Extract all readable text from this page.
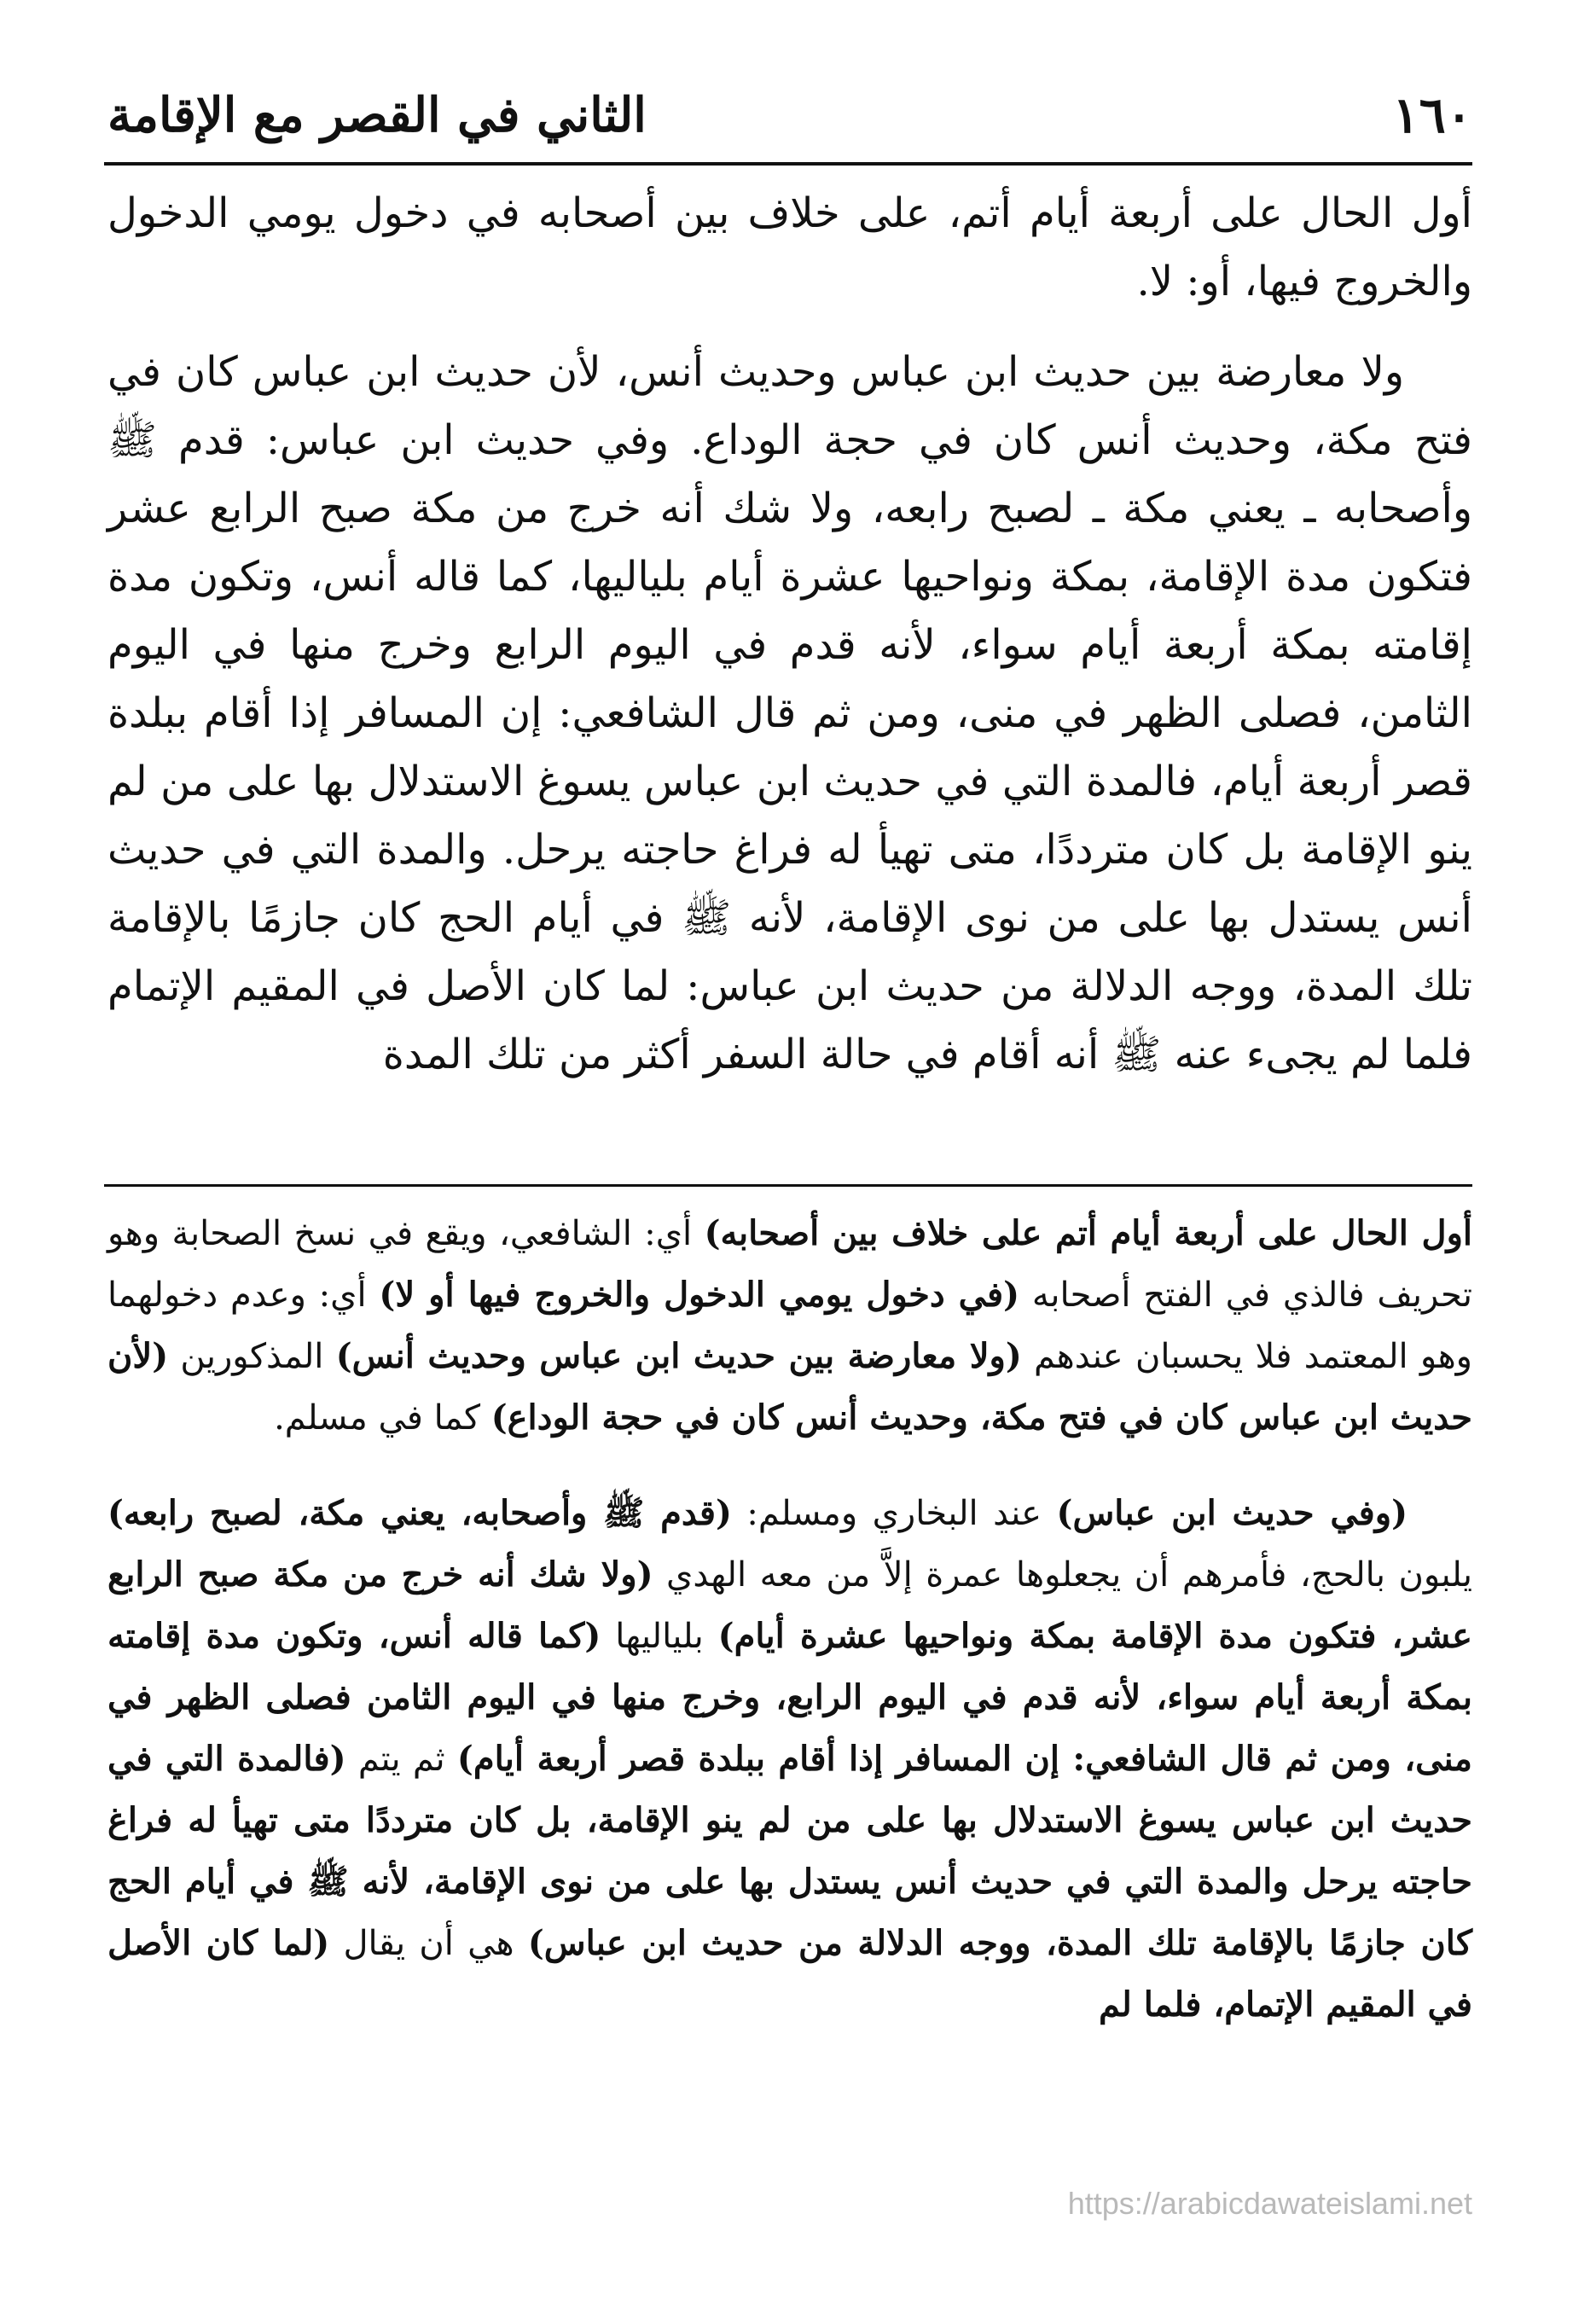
١٦٠
الثاني في القصر مع الإقامة

أول الحال على أربعة أيام أتم، على خلاف بين أصحابه في دخول يومي الدخول والخروج فيها، أو: لا.

ولا معارضة بين حديث ابن عباس وحديث أنس، لأن حديث ابن عباس كان في فتح مكة، وحديث أنس كان في حجة الوداع. وفي حديث ابن عباس: قدم ﷺ وأصحابه ـ يعني مكة ـ لصبح رابعه، ولا شك أنه خرج من مكة صبح الرابع عشر فتكون مدة الإقامة، بمكة ونواحيها عشرة أيام بلياليها، كما قاله أنس، وتكون مدة إقامته بمكة أربعة أيام سواء، لأنه قدم في اليوم الرابع وخرج منها في اليوم الثامن، فصلى الظهر في منى، ومن ثم قال الشافعي: إن المسافر إذا أقام ببلدة قصر أربعة أيام، فالمدة التي في حديث ابن عباس يسوغ الاستدلال بها على من لم ينو الإقامة بل كان مترددًا، متى تهيأ له فراغ حاجته يرحل. والمدة التي في حديث أنس يستدل بها على من نوى الإقامة، لأنه ﷺ في أيام الحج كان جازمًا بالإقامة تلك المدة، ووجه الدلالة من حديث ابن عباس: لما كان الأصل في المقيم الإتمام فلما لم يجىء عنه ﷺ أنه أقام في حالة السفر أكثر من تلك المدة

أول الحال على أربعة أيام أتم على خلاف بين أصحابه) أي: الشافعي، ويقع في نسخ الصحابة وهو تحريف فالذي في الفتح أصحابه (في دخول يومي الدخول والخروج فيها أو لا) أي: وعدم دخولهما وهو المعتمد فلا يحسبان عندهم (ولا معارضة بين حديث ابن عباس وحديث أنس) المذكورين (لأن حديث ابن عباس كان في فتح مكة، وحديث أنس كان في حجة الوداع) كما في مسلم.

(وفي حديث ابن عباس) عند البخاري ومسلم: (قدم ﷺ وأصحابه، يعني مكة، لصبح رابعه) يلبون بالحج، فأمرهم أن يجعلوها عمرة إلاَّ من معه الهدي (ولا شك أنه خرج من مكة صبح الرابع عشر، فتكون مدة الإقامة بمكة ونواحيها عشرة أيام) بلياليها (كما قاله أنس، وتكون مدة إقامته بمكة أربعة أيام سواء، لأنه قدم في اليوم الرابع، وخرج منها في اليوم الثامن فصلى الظهر في منى، ومن ثم قال الشافعي: إن المسافر إذا أقام ببلدة قصر أربعة أيام) ثم يتم (فالمدة التي في حديث ابن عباس يسوغ الاستدلال بها على من لم ينو الإقامة، بل كان مترددًا متى تهيأ له فراغ حاجته يرحل والمدة التي في حديث أنس يستدل بها على من نوى الإقامة، لأنه ﷺ في أيام الحج كان جازمًا بالإقامة تلك المدة، ووجه الدلالة من حديث ابن عباس) هي أن يقال (لما كان الأصل في المقيم الإتمام، فلما لم

https://arabicdawateislami.net
